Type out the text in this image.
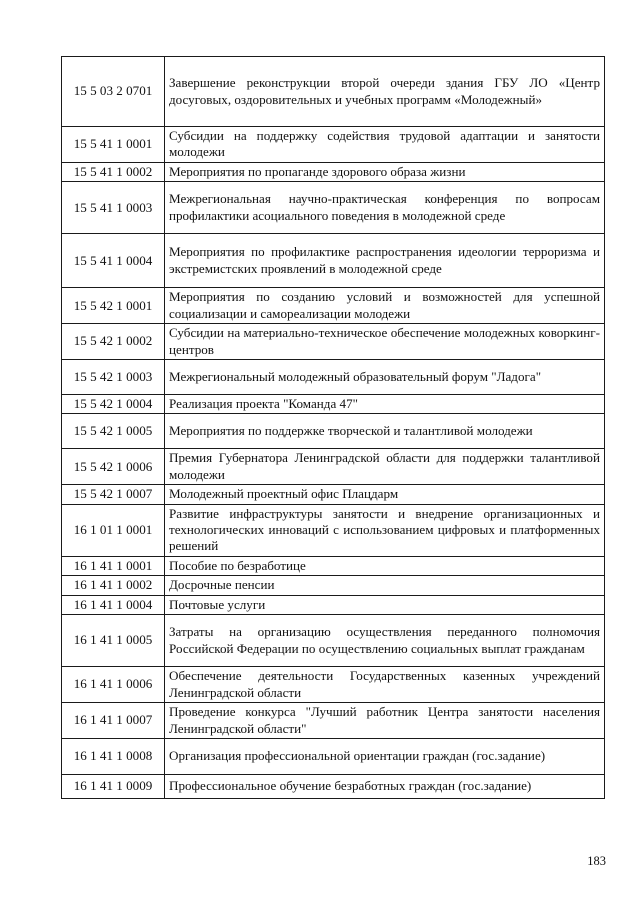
15 5 03 2 0701	Завершение реконструкции второй очереди здания ГБУ ЛО «Центр досуговых, оздоровительных и учебных программ «Молодежный»
15 5 41 1 0001	Субсидии на поддержку содействия трудовой адаптации и занятости молодежи
15 5 41 1 0002	Мероприятия по пропаганде здорового образа жизни
15 5 41 1 0003	Межрегиональная научно-практическая конференция по вопросам профилактики асоциального поведения в молодежной среде
15 5 41 1 0004	Мероприятия по профилактике распространения идеологии терроризма и экстремистских проявлений в молодежной среде
15 5 42 1 0001	Мероприятия по созданию условий и возможностей для успешной социализации и самореализации молодежи
15 5 42 1 0002	Субсидии на материально-техническое обеспечение молодежных коворкинг-центров
15 5 42 1 0003	Межрегиональный молодежный образовательный форум "Ладога"
15 5 42 1 0004	Реализация проекта "Команда 47"
15 5 42 1 0005	Мероприятия по поддержке творческой и талантливой молодежи
15 5 42 1 0006	Премия Губернатора Ленинградской области для поддержки талантливой молодежи
15 5 42 1 0007	Молодежный проектный офис Плацдарм
16 1 01 1 0001	Развитие инфраструктуры занятости и внедрение организационных и технологических инноваций с использованием цифровых и платформенных решений
16 1 41 1 0001	Пособие по безработице
16 1 41 1 0002	Досрочные пенсии
16 1 41 1 0004	Почтовые услуги
16 1 41 1 0005	Затраты на организацию осуществления переданного полномочия Российской Федерации по осуществлению социальных выплат гражданам
16 1 41 1 0006	Обеспечение деятельности Государственных казенных учреждений Ленинградской области
16 1 41 1 0007	Проведение конкурса "Лучший работник Центра занятости населения Ленинградской области"
16 1 41 1 0008	Организация профессиональной ориентации граждан (гос.задание)
16 1 41 1 0009	Профессиональное обучение безработных граждан (гос.задание)
183
